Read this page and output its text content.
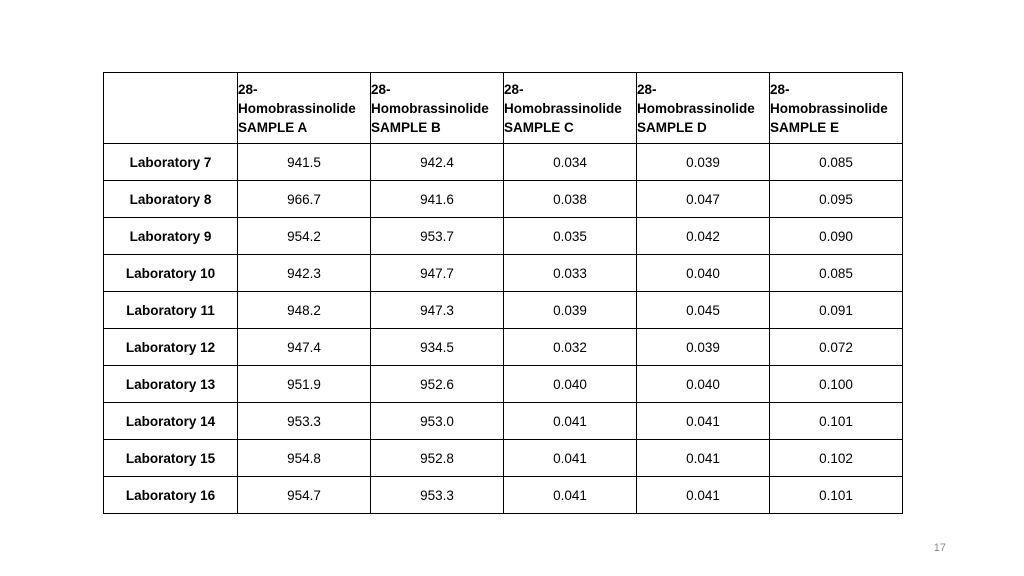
	28-
Homobrassinolide
SAMPLE A	28-
Homobrassinolide
SAMPLE B	28-
Homobrassinolide
SAMPLE C	28-
Homobrassinolide
SAMPLE D	28-
Homobrassinolide
SAMPLE E

Laboratory 7	941.5	942.4	0.034	0.039	0.085
Laboratory 8	966.7	941.6	0.038	0.047	0.095
Laboratory 9	954.2	953.7	0.035	0.042	0.090
Laboratory 10	942.3	947.7	0.033	0.040	0.085
Laboratory 11	948.2	947.3	0.039	0.045	0.091
Laboratory 12	947.4	934.5	0.032	0.039	0.072
Laboratory 13	951.9	952.6	0.040	0.040	0.100
Laboratory 14	953.3	953.0	0.041	0.041	0.101
Laboratory 15	954.8	952.8	0.041	0.041	0.102
Laboratory 16	954.7	953.3	0.041	0.041	0.101
17
